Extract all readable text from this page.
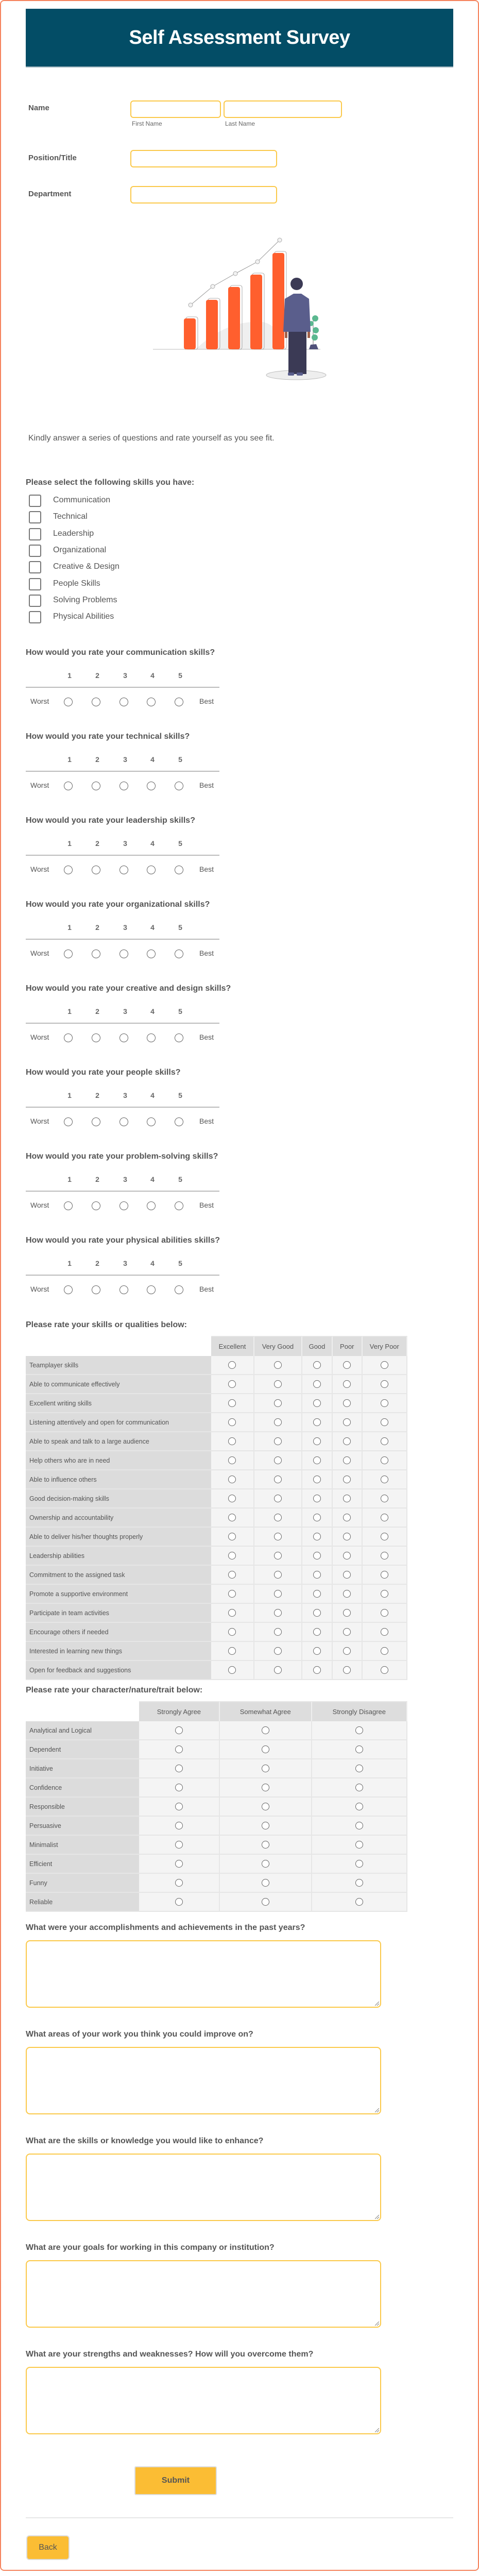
Self Assessment Survey
Name
First Name	Last Name
Position/Title
Department
Kindly answer a series of questions and rate yourself as you see fit.
Please select the following skills you have:
Communication
Technical
Leadership
Organizational
Creative & Design
People Skills
Solving Problems
Physical Abilities
How would you rate your communication skills?
1	2	3	4	5
Worst	Best
How would you rate your technical skills?
1	2	3	4	5
Worst	Best
How would you rate your leadership skills?
1	2	3	4	5
Worst	Best
How would you rate your organizational skills?
1	2	3	4	5
Worst	Best
How would you rate your creative and design skills?
1	2	3	4	5
Worst	Best
How would you rate your people skills?
1	2	3	4	5
Worst	Best
How would you rate your problem-solving skills?
1	2	3	4	5
Worst	Best
How would you rate your physical abilities skills?
1	2	3	4	5
Worst	Best
Please rate your skills or qualities below:
	Excellent	Very Good	Good	Poor	Very Poor
Teamplayer skills					
Able to communicate effectively					
Excellent writing skills					
Listening attentively and open for communication					
Able to speak and talk to a large audience					
Help others who are in need					
Able to influence others					
Good decision-making skills					
Ownership and accountability					
Able to deliver his/her thoughts properly					
Leadership abilities					
Commitment to the assigned task					
Promote a supportive environment					
Participate in team activities					
Encourage others if needed					
Interested in learning new things					
Open for feedback and suggestions					
Please rate your character/nature/trait below:
	Strongly Agree	Somewhat Agree	Strongly Disagree
Analytical and Logical			
Dependent			
Initiative			
Confidence			
Responsible			
Persuasive			
Minimalist			
Efficient			
Funny			
Reliable			
What were your accomplishments and achievements in the past years?
What areas of your work you think you could improve on?
What are the skills or knowledge you would like to enhance?
What are your goals for working in this company or institution?
What are your strengths and weaknesses? How will you overcome them?
Submit
Back
